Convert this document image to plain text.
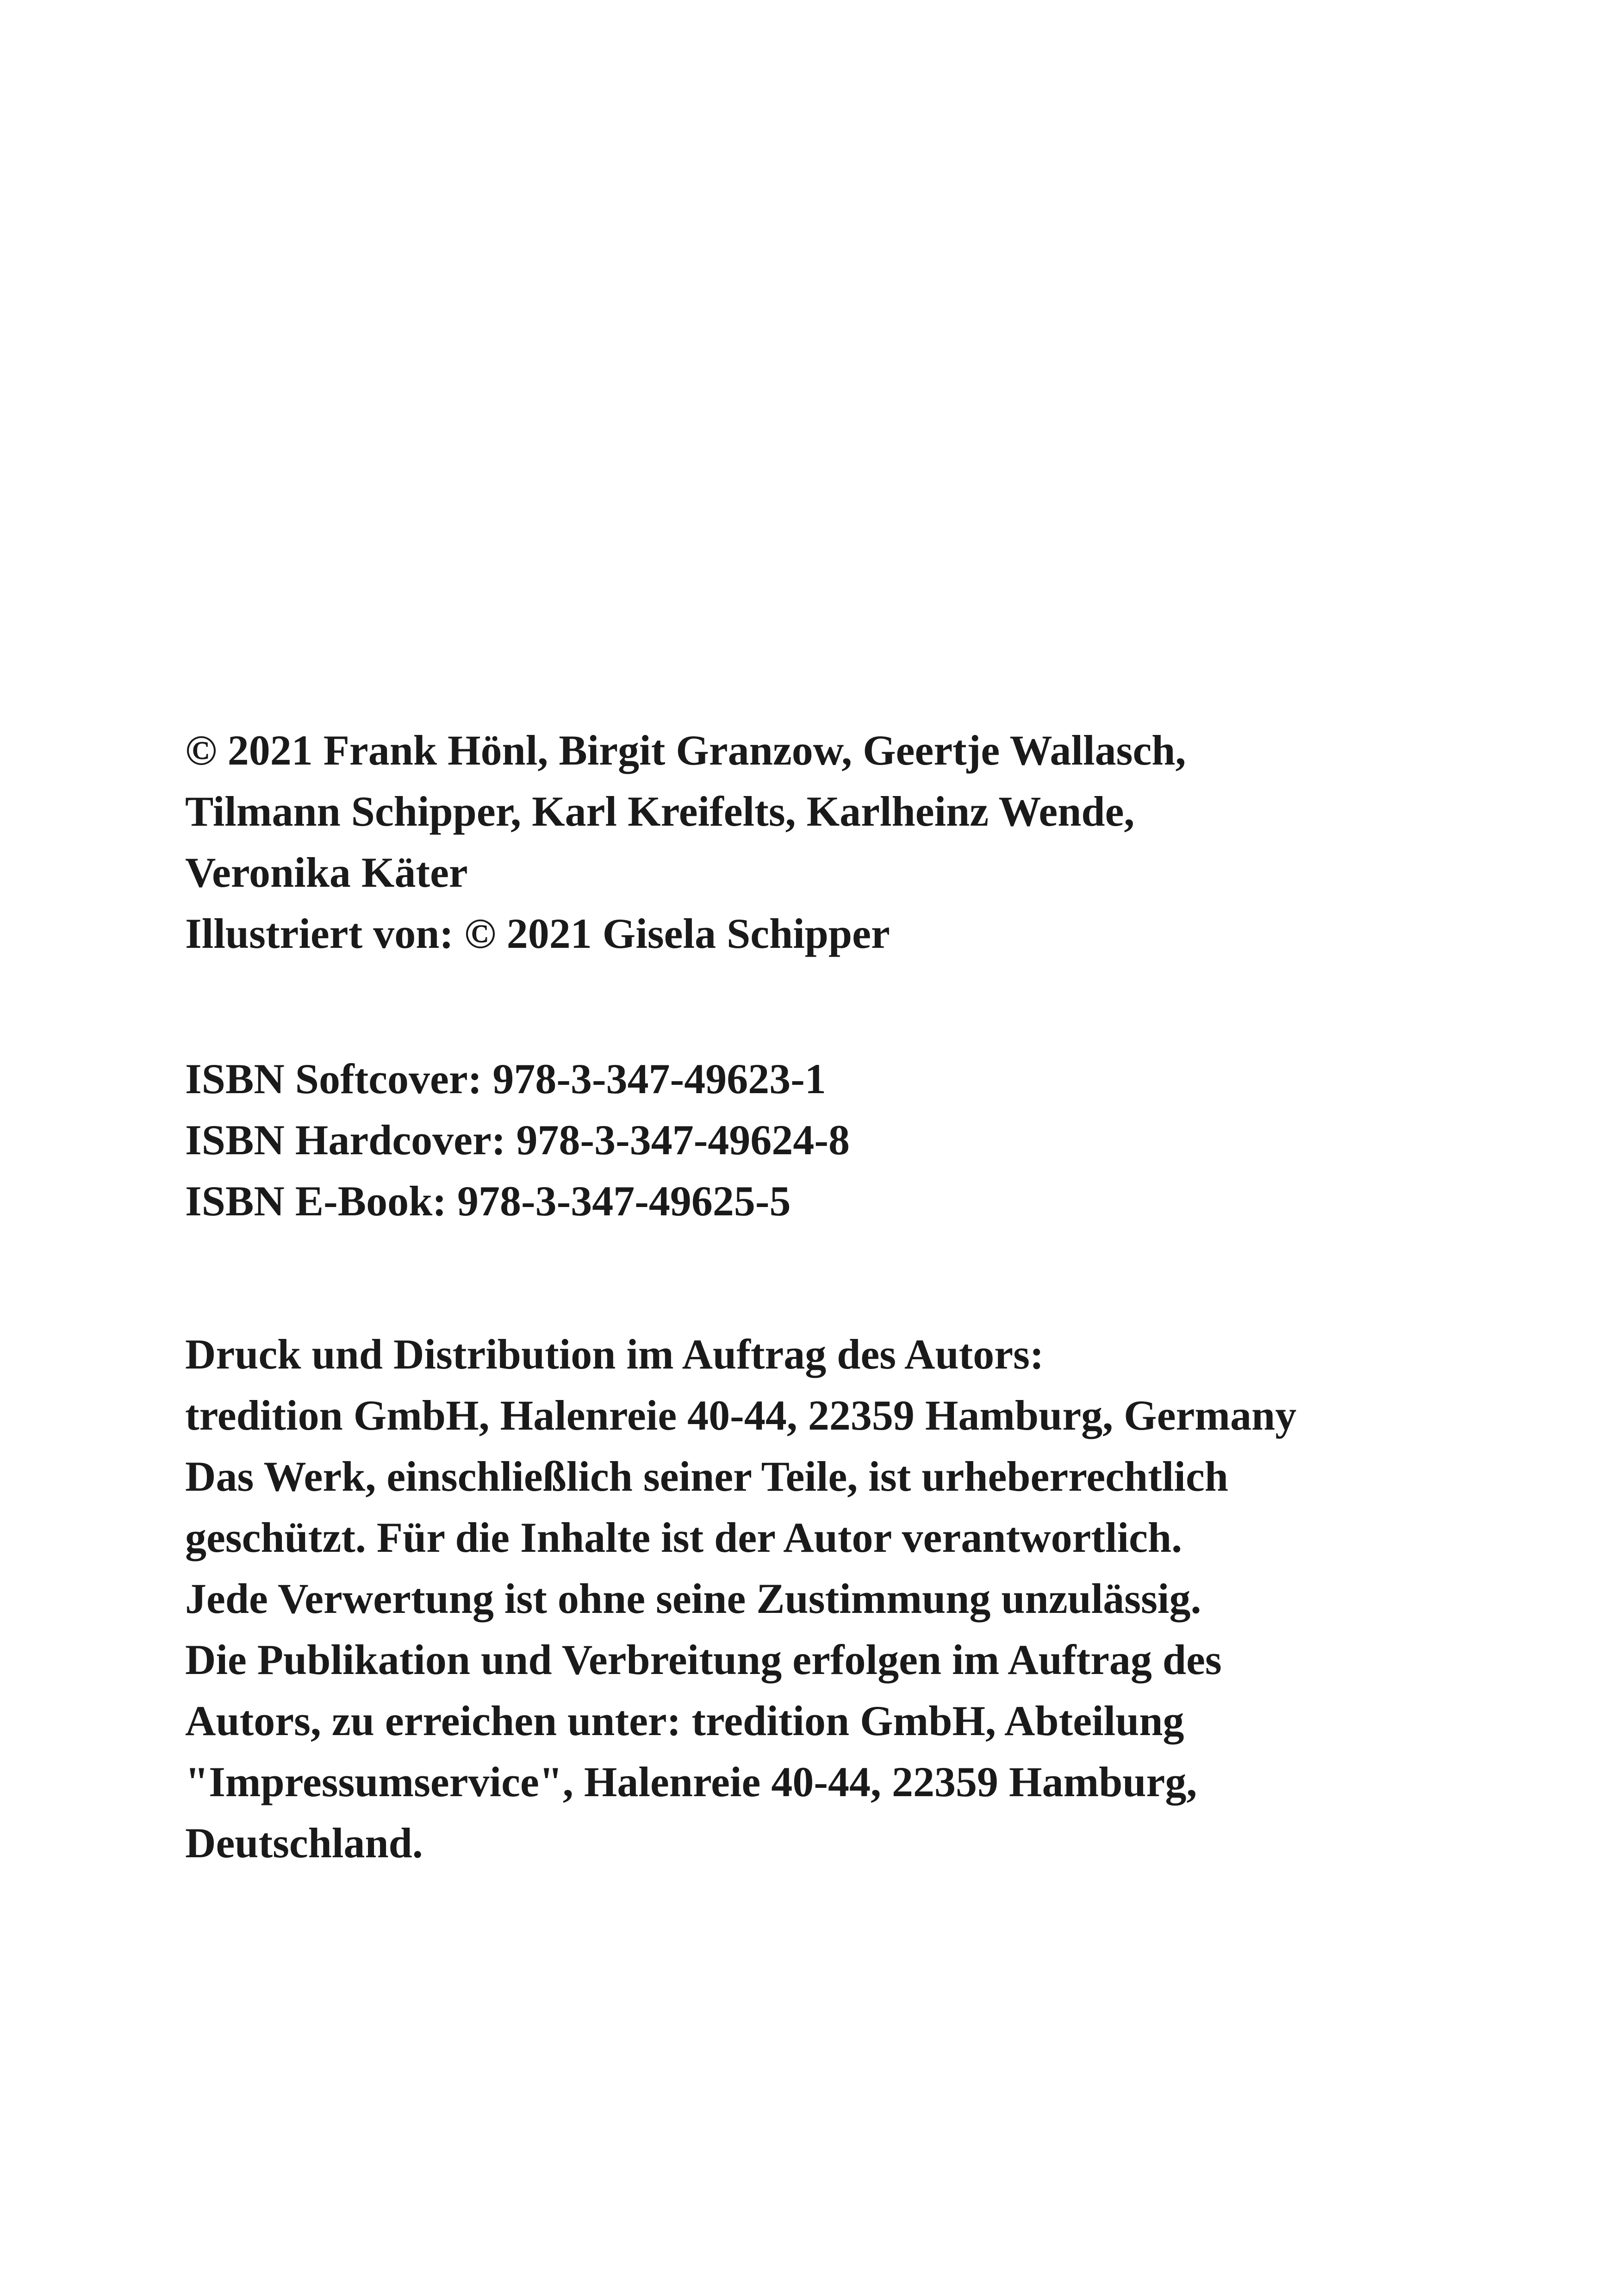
© 2021 Frank Hönl, Birgit Granzow, Geertje Wallasch,
Tilmann Schipper, Karl Kreifelts, Karlheinz Wende,
Veronika Käter
Illustriert von: © 2021 Gisela Schipper

ISBN Softcover: 978-3-347-49623-1
ISBN Hardcover: 978-3-347-49624-8
ISBN E-Book: 978-3-347-49625-5

Druck und Distribution im Auftrag des Autors:
tredition GmbH, Halenreie 40-44, 22359 Hamburg, Germany
Das Werk, einschließlich seiner Teile, ist urheberrechtlich
geschützt. Für die Inhalte ist der Autor verantwortlich.
Jede Verwertung ist ohne seine Zustimmung unzulässig.
Die Publikation und Verbreitung erfolgen im Auftrag des
Autors, zu erreichen unter: tredition GmbH, Abteilung
"Impressumservice", Halenreie 40-44, 22359 Hamburg,
Deutschland.
